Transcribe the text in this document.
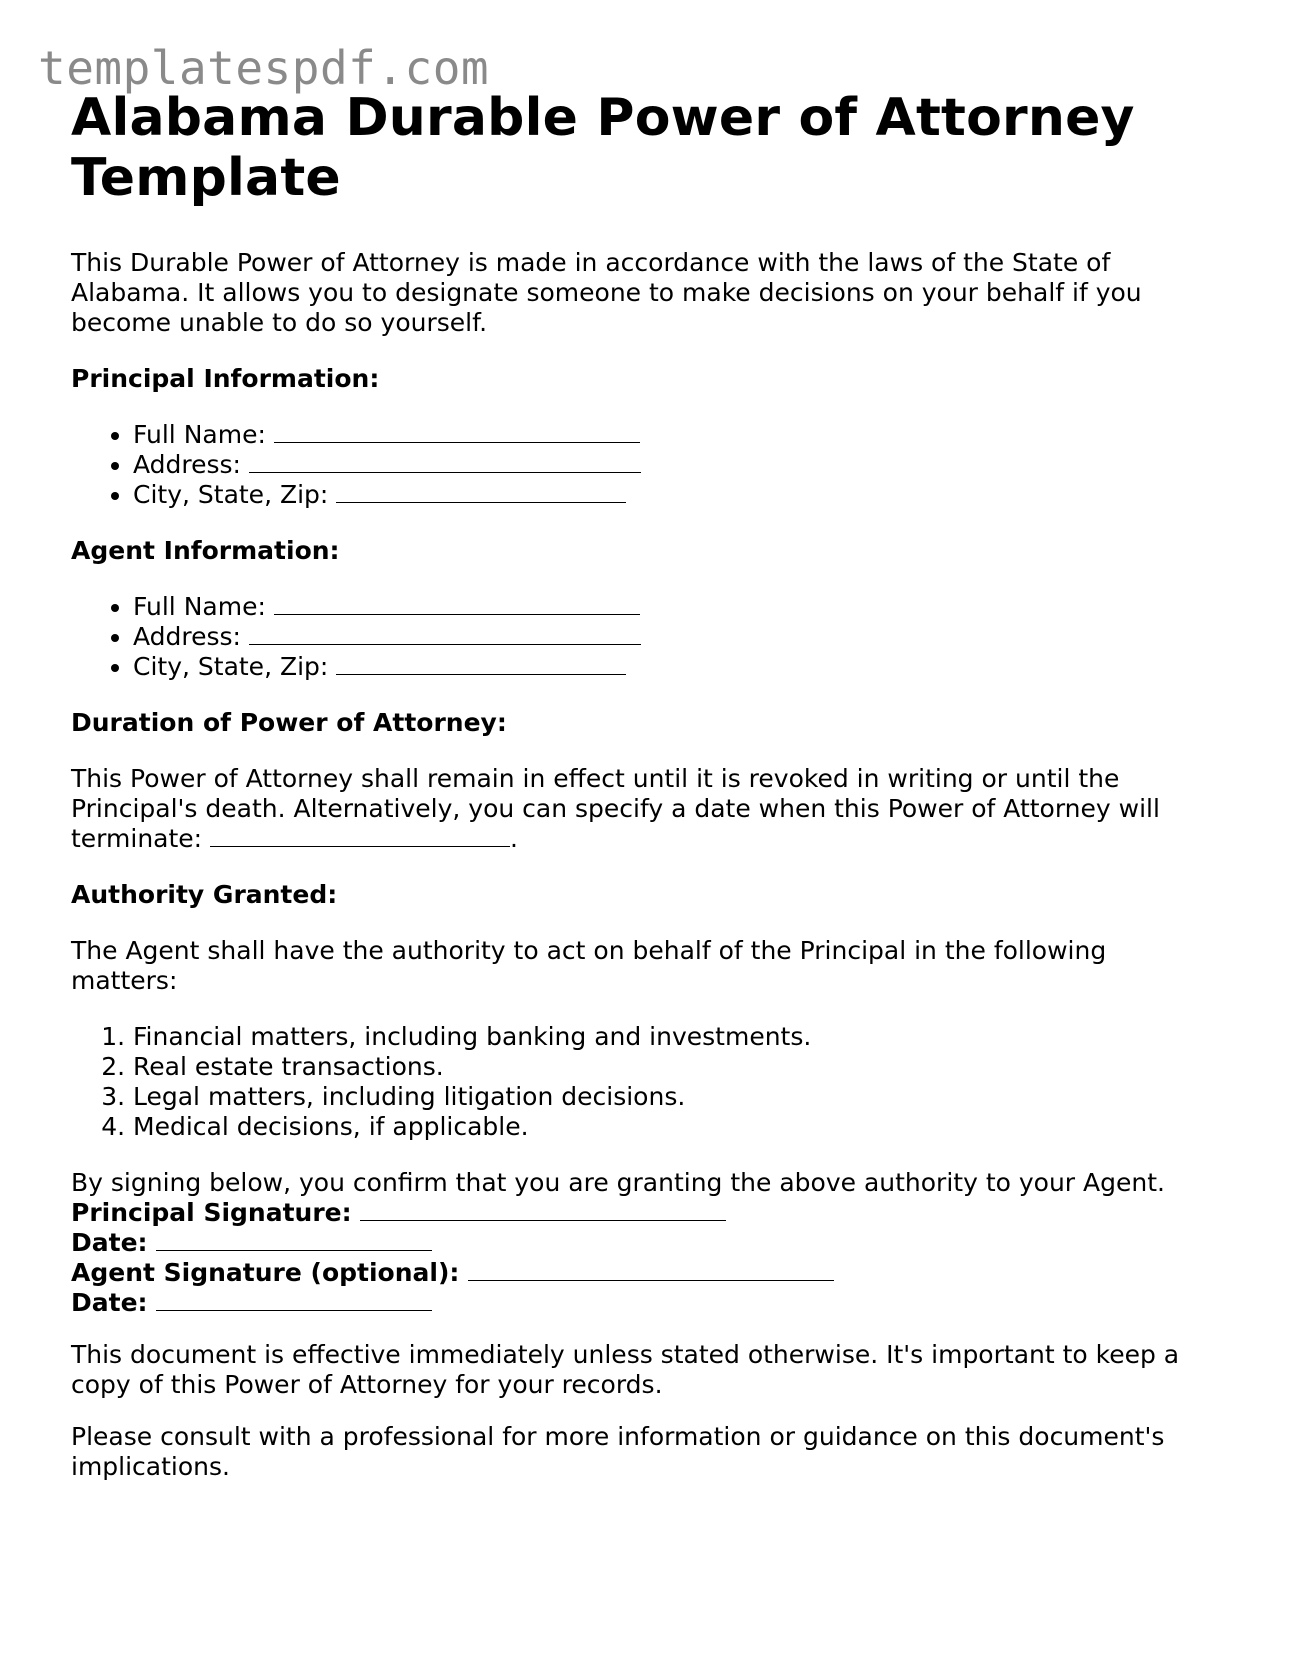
templatespdf.com
Alabama Durable Power of Attorney Template

This Durable Power of Attorney is made in accordance with the laws of the State of Alabama. It allows you to designate someone to make decisions on your behalf if you become unable to do so yourself.

Principal Information:

• Full Name:
• Address:
• City, State, Zip:

Agent Information:

• Full Name:
• Address:
• City, State, Zip:

Duration of Power of Attorney:

This Power of Attorney shall remain in effect until it is revoked in writing or until the Principal's death. Alternatively, you can specify a date when this Power of Attorney will terminate:	.

Authority Granted:

The Agent shall have the authority to act on behalf of the Principal in the following matters:

1. Financial matters, including banking and investments.
2. Real estate transactions.
3. Legal matters, including litigation decisions.
4. Medical decisions, if applicable.

By signing below, you confirm that you are granting the above authority to your Agent.

Principal Signature:

Date:

Agent Signature (optional):

Date:

This document is effective immediately unless stated otherwise. It's important to keep a copy of this Power of Attorney for your records.

Please consult with a professional for more information or guidance on this document's implications.
